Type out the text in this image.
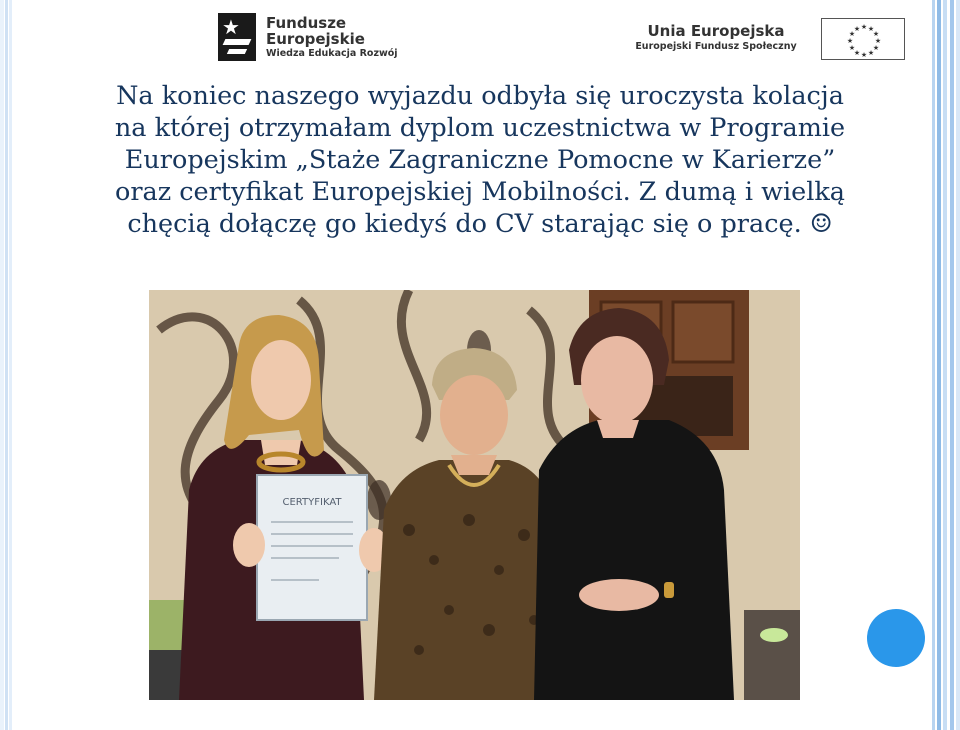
★ Fundusze
Europejskie
Wiedza Edukacja Rozwój
Unia Europejska
Europejski Fundusz Społeczny
★ ★
★
★
★
★
★
★
★
★
★
★
Na koniec naszego wyjazdu odbyła się uroczysta kolacja
na której otrzymałam dyplom uczestnictwa w Programie
Europejskim „Staże Zagraniczne Pomocne w Karierze”
oraz certyfikat Europejskiej Mobilności. Z dumą i wielką
chęcią dołączę go kiedyś do CV starając się o pracę. ☺
CERTYFIKAT
